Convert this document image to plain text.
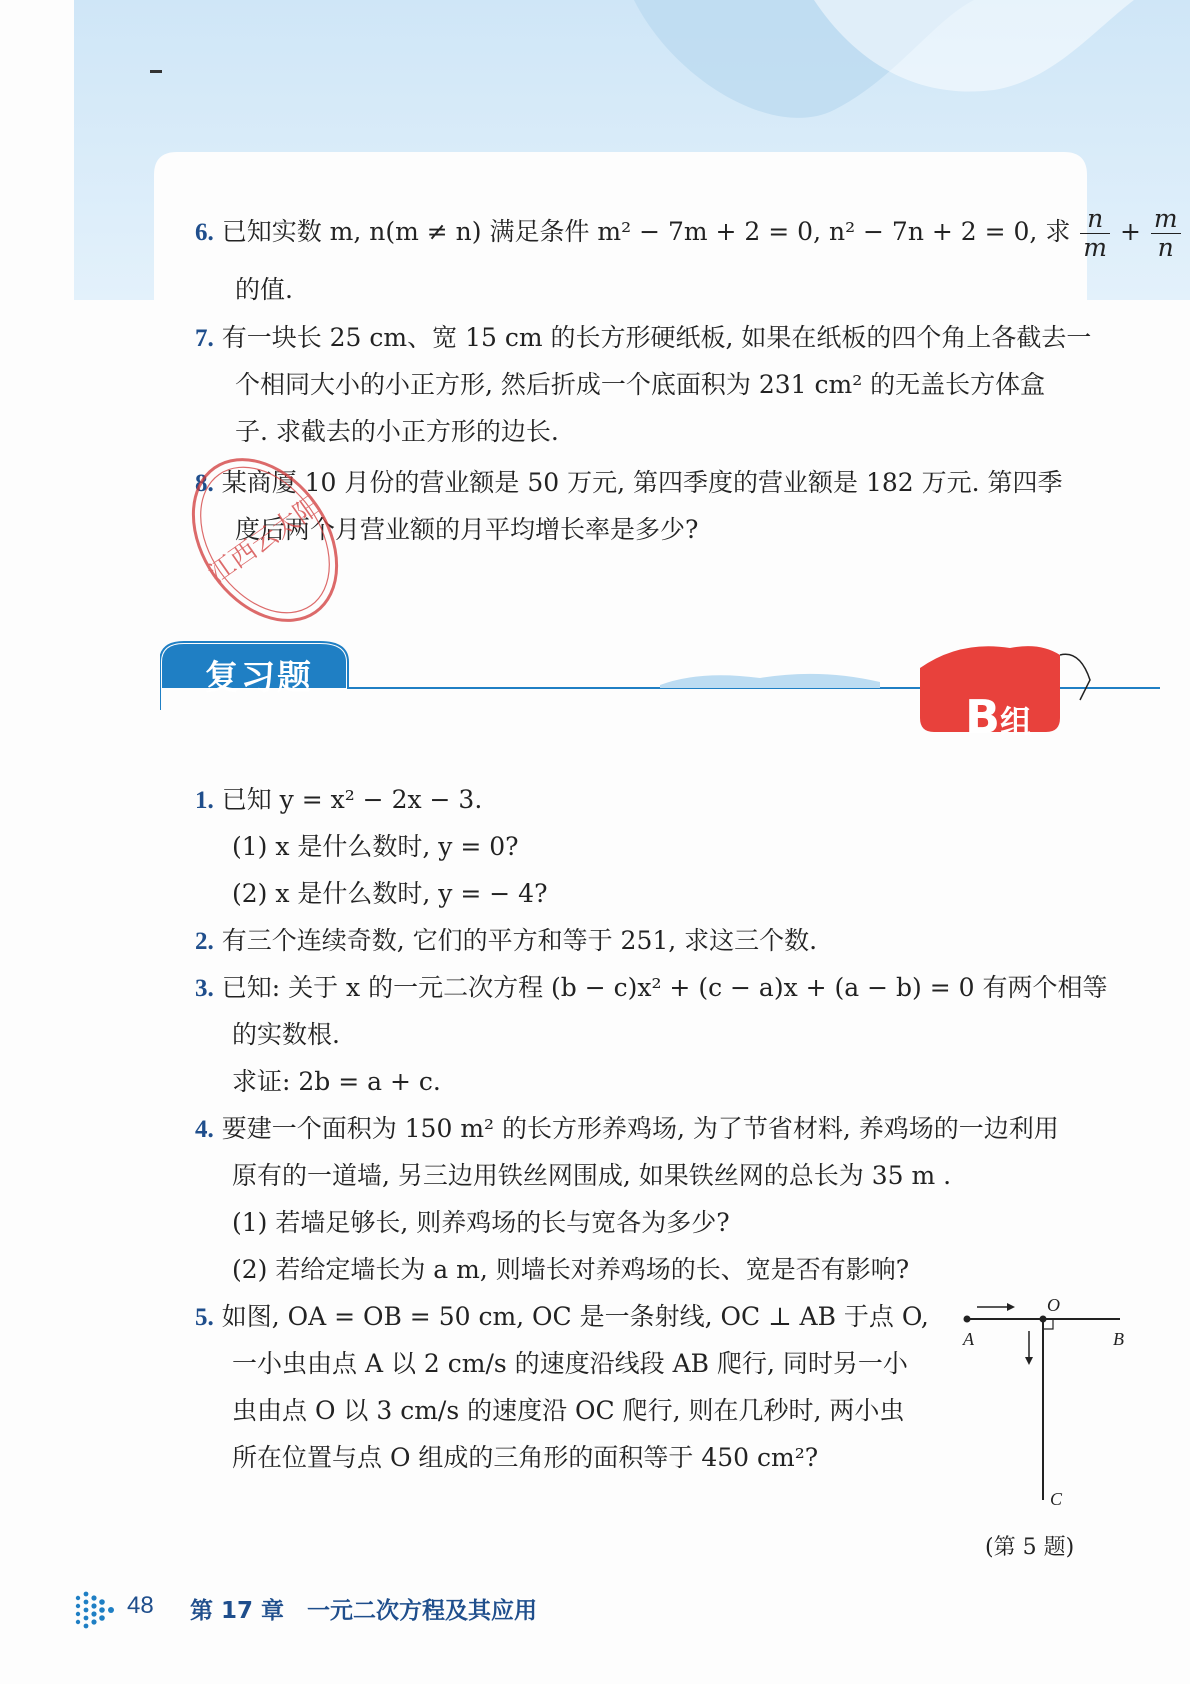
6. 已知实数 m, n(m ≠ n) 满足条件 m² − 7m + 2 = 0, n² − 7n + 2 = 0, 求 $\frac{n}{m} + \frac{m}{n}$
的值.
7. 有一块长 25 cm、宽 15 cm 的长方形硬纸板, 如果在纸板的四个角上各截去一
个相同大小的小正方形, 然后折成一个底面积为 231 cm² 的无盖长方体盒
子. 求截去的小正方形的边长.
8. 某商厦 10 月份的营业额是 50 万元, 第四季度的营业额是 182 万元. 第四季
度后两个月营业额的月平均增长率是多少?
江西云太阳
复习题
B组
1. 已知 y = x² − 2x − 3.
(1) x 是什么数时, y = 0?
(2) x 是什么数时, y = − 4?
2. 有三个连续奇数, 它们的平方和等于 251, 求这三个数.
3. 已知: 关于 x 的一元二次方程 (b − c)x² + (c − a)x + (a − b) = 0 有两个相等
的实数根.
求证: 2b = a + c.
4. 要建一个面积为 150 m² 的长方形养鸡场, 为了节省材料, 养鸡场的一边利用
原有的一道墙, 另三边用铁丝网围成, 如果铁丝网的总长为 35 m .
(1) 若墙足够长, 则养鸡场的长与宽各为多少?
(2) 若给定墙长为 a m, 则墙长对养鸡场的长、宽是否有影响?
5. 如图, OA = OB = 50 cm, OC 是一条射线, OC ⊥ AB 于点 O,
一小虫由点 A 以 2 cm/s 的速度沿线段 AB 爬行, 同时另一小
虫由点 O 以 3 cm/s 的速度沿 OC 爬行, 则在几秒时, 两小虫
所在位置与点 O 组成的三角形的面积等于 450 cm²?
A
O
B
C
(第 5 题)
48 第 17 章　一元二次方程及其应用
